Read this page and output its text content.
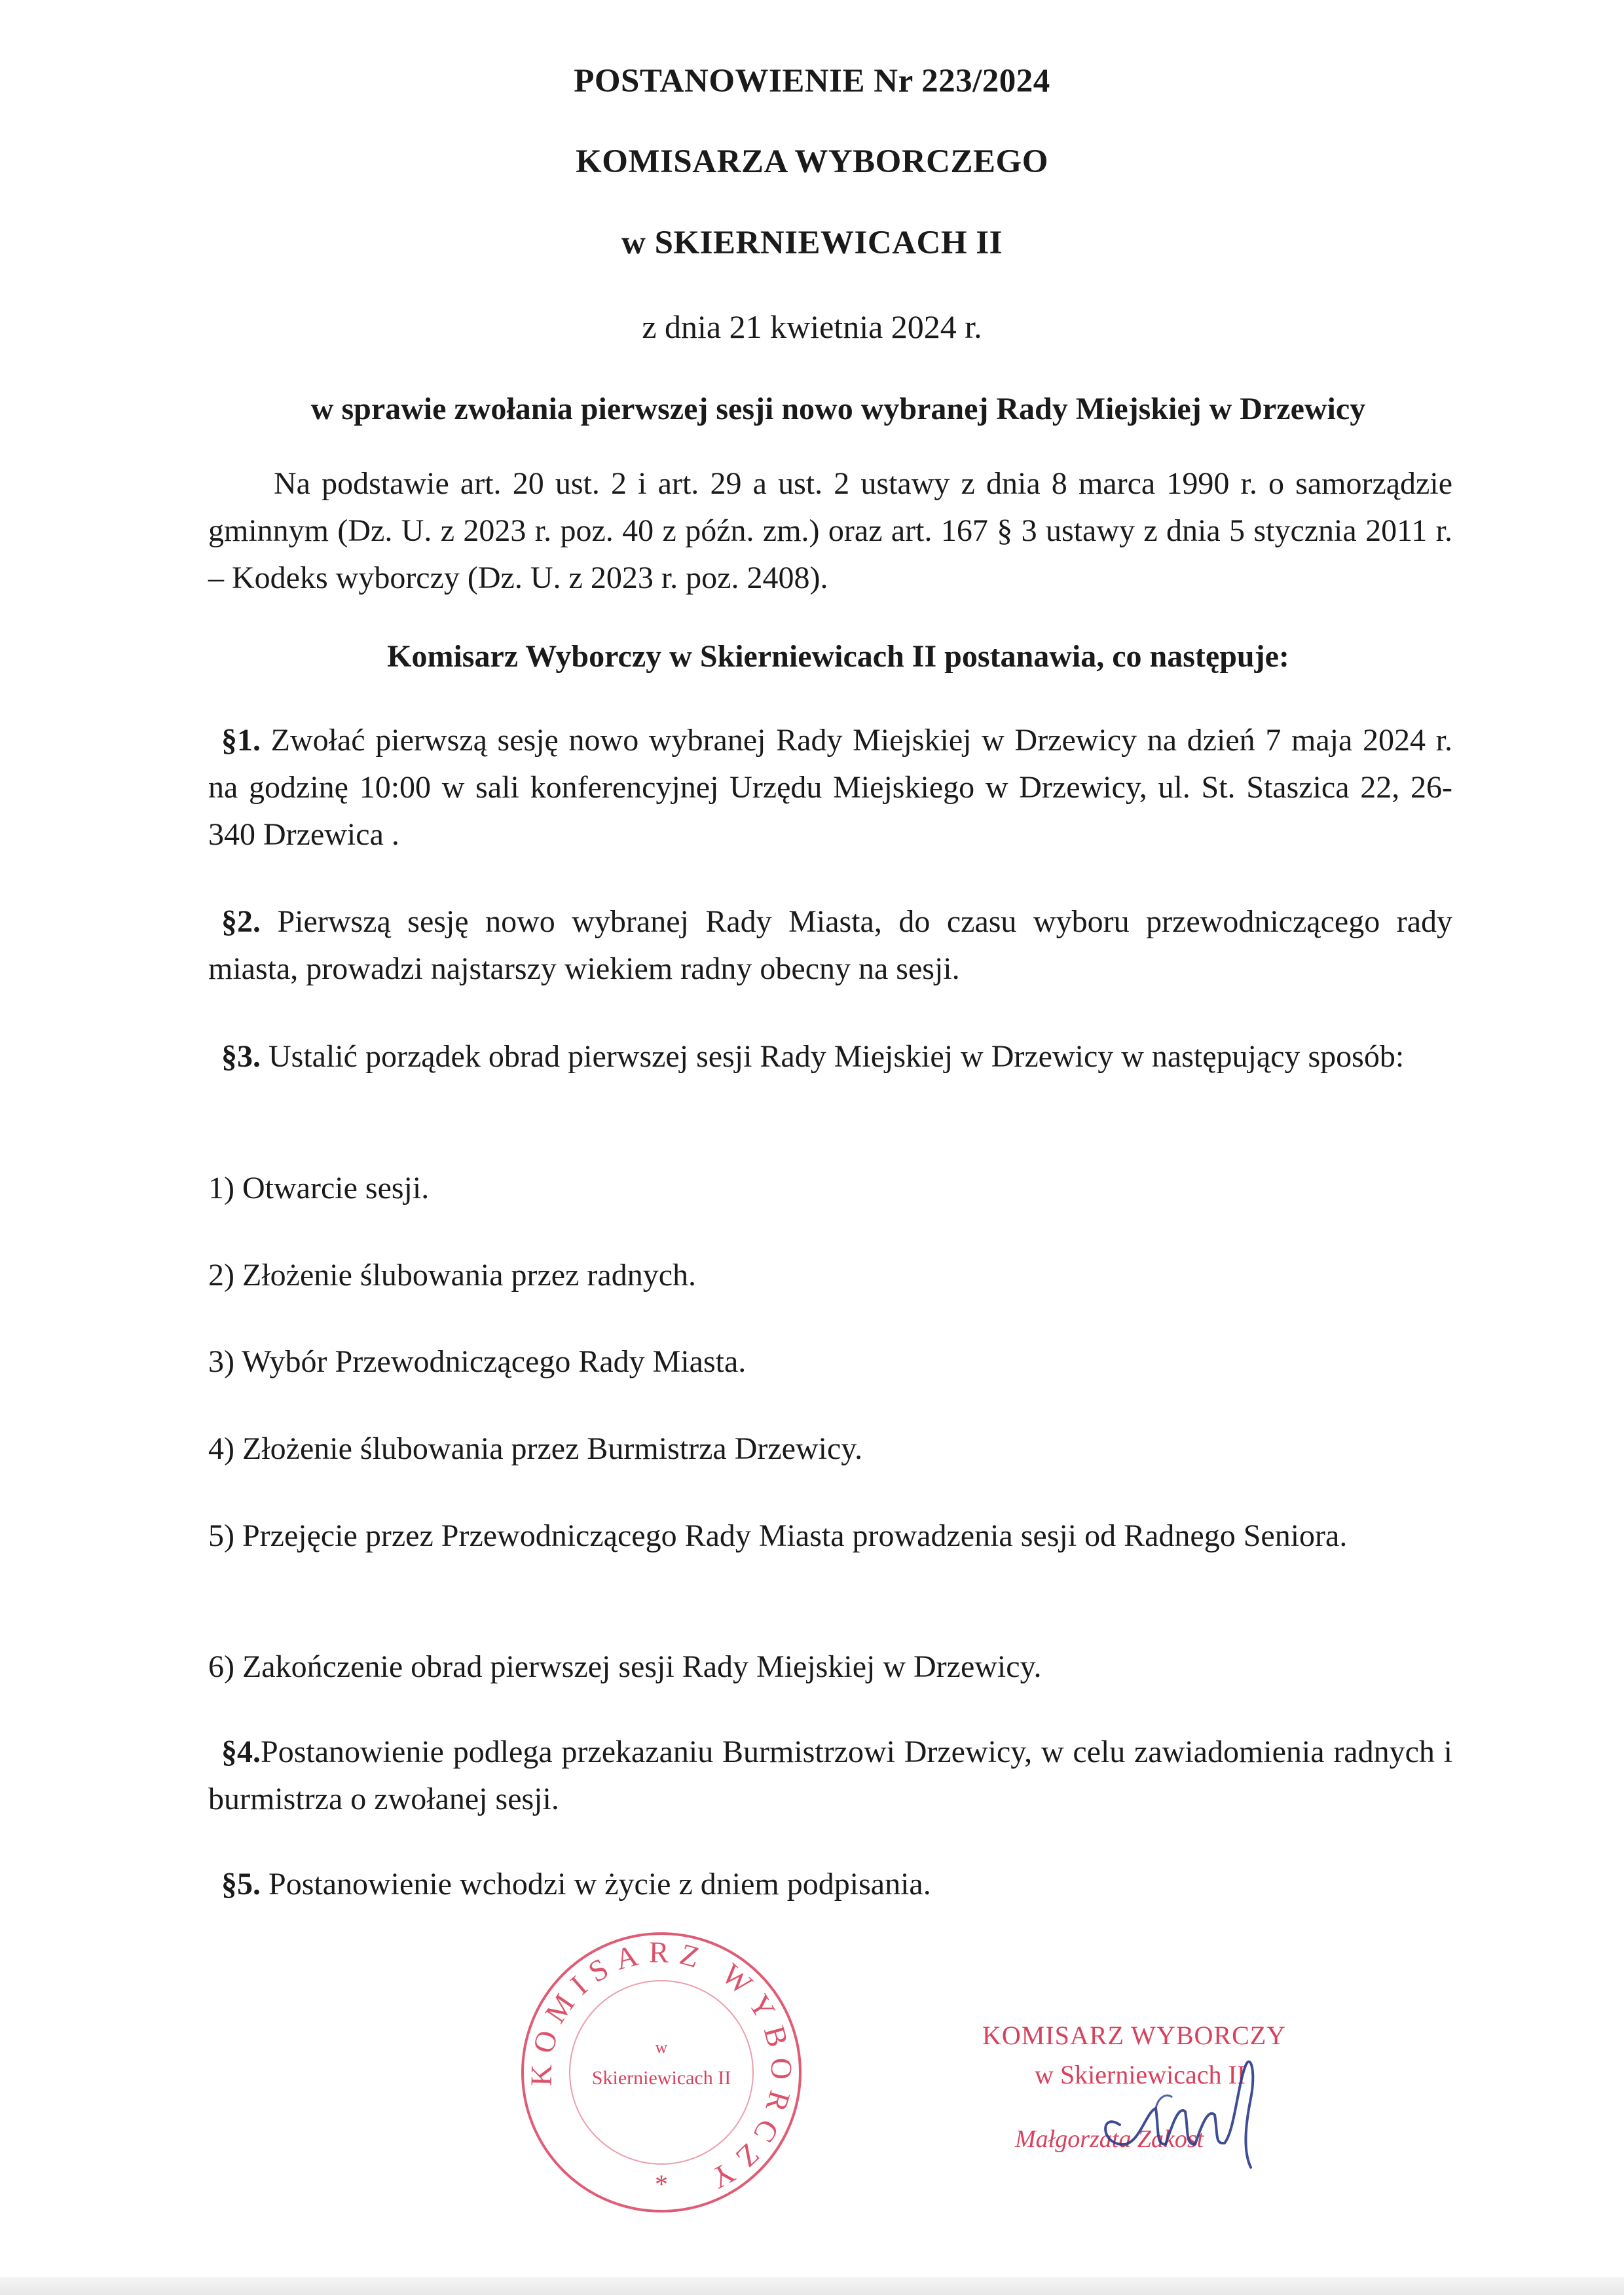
POSTANOWIENIE Nr 223/2024
KOMISARZA WYBORCZEGO
w SKIERNIEWICACH II
z dnia 21 kwietnia 2024 r.
w sprawie zwołania pierwszej sesji nowo wybranej Rady Miejskiej w Drzewicy
Na podstawie art. 20 ust. 2 i art. 29 a ust. 2 ustawy z dnia 8 marca 1990 r. o samorządzie gminnym (Dz. U. z 2023 r. poz. 40 z późn. zm.) oraz art. 167 § 3 ustawy z dnia 5 stycznia 2011 r. – Kodeks wyborczy (Dz. U. z 2023 r. poz. 2408).
Komisarz Wyborczy w Skierniewicach II postanawia, co następuje:
§1. Zwołać pierwszą sesję nowo wybranej Rady Miejskiej w Drzewicy na dzień 7 maja 2024 r. na godzinę 10:00 w sali konferencyjnej Urzędu Miejskiego w Drzewicy, ul. St. Staszica 22, 26-340 Drzewica .
§2. Pierwszą sesję nowo wybranej Rady Miasta, do czasu wyboru przewodniczącego rady miasta, prowadzi najstarszy wiekiem radny obecny na sesji.
§3. Ustalić porządek obrad pierwszej sesji Rady Miejskiej w Drzewicy w następujący sposób:
1) Otwarcie sesji.
2) Złożenie ślubowania przez radnych.
3) Wybór Przewodniczącego Rady Miasta.
4) Złożenie ślubowania przez Burmistrza Drzewicy.
5) Przejęcie przez Przewodniczącego Rady Miasta prowadzenia sesji od Radnego Seniora.
6) Zakończenie obrad pierwszej sesji Rady Miejskiej w Drzewicy.
§4.Postanowienie podlega przekazaniu Burmistrzowi Drzewicy, w celu zawiadomienia radnych i burmistrza o zwołanej sesji.
§5. Postanowienie wchodzi w życie z dniem podpisania.
KOMISARZ WYBORCZY
w
Skierniewicach II
*
KOMISARZ WYBORCZY
w Skierniewicach II
Małgorzata Zakost
